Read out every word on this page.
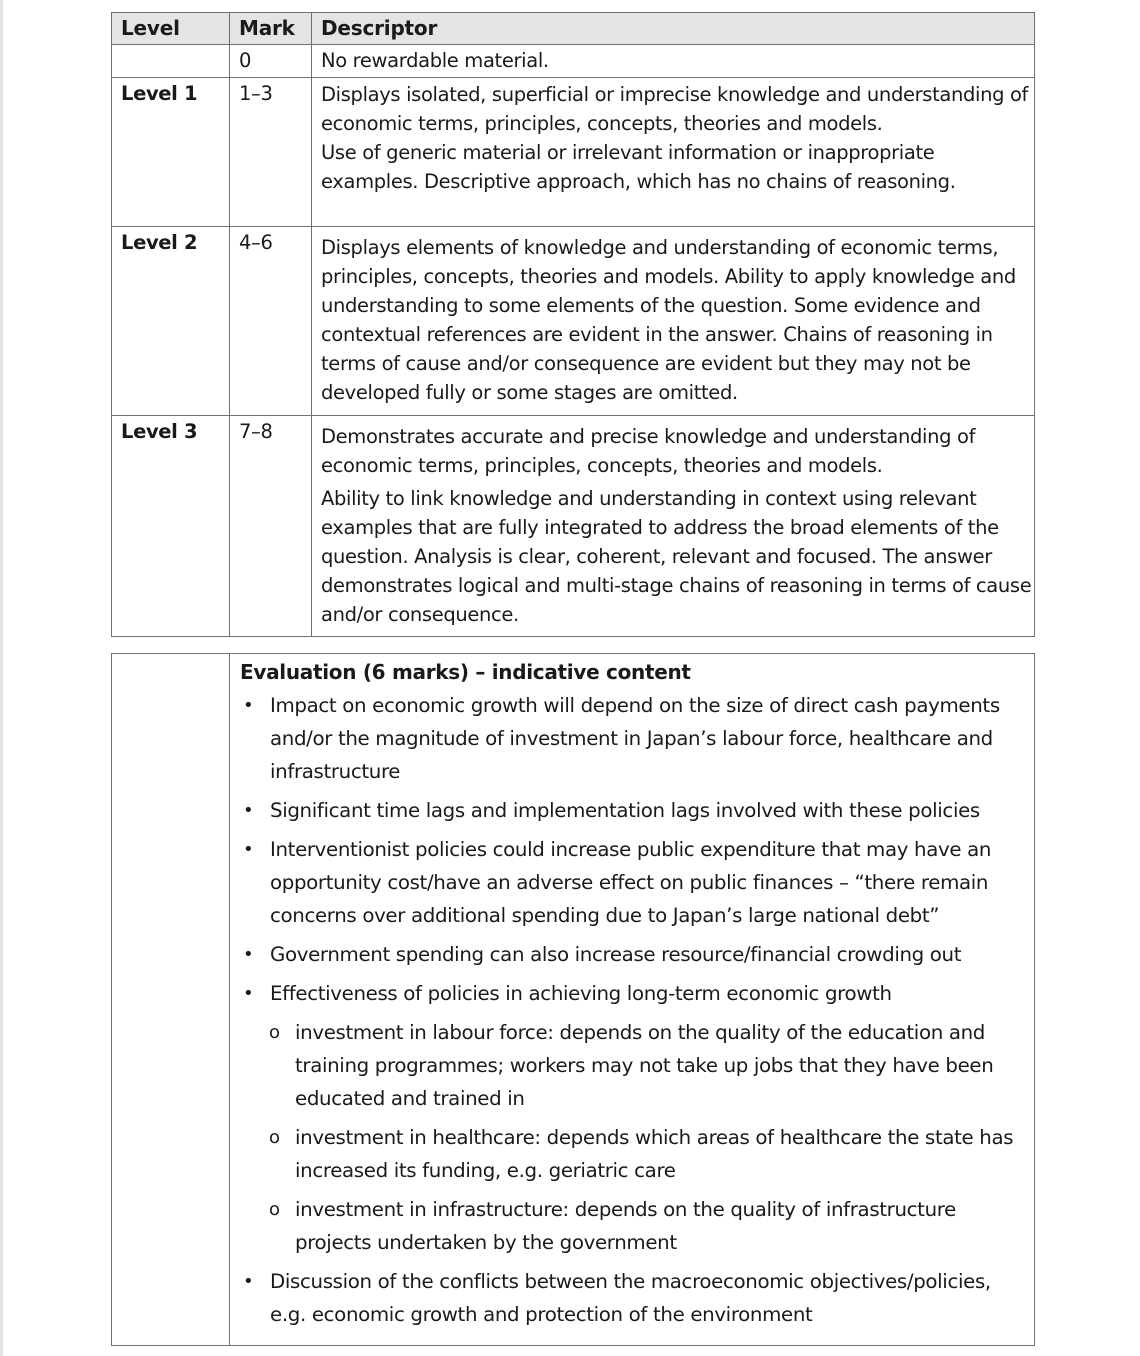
Level	Mark	Descriptor
	0	No rewardable material.

Level 1	1–3	Displays isolated, superficial or imprecise knowledge and understanding of economic terms, principles, concepts, theories and models.

Use of generic material or irrelevant information or inappropriate examples. Descriptive approach, which has no chains of reasoning.

Level 2	4–6	Displays elements of knowledge and understanding of economic terms, principles, concepts, theories and models. Ability to apply knowledge and understanding to some elements of the question. Some evidence and contextual references are evident in the answer. Chains of reasoning in terms of cause and/or consequence are evident but they may not be developed fully or some stages are omitted.

Level 3	7–8	Demonstrates accurate and precise knowledge and understanding of economic terms, principles, concepts, theories and models.

Ability to link knowledge and understanding in context using relevant examples that are fully integrated to address the broad elements of the question. Analysis is clear, coherent, relevant and focused. The answer demonstrates logical and multi-stage chains of reasoning in terms of cause and/or consequence.

Evaluation (6 marks) – indicative content

• Impact on economic growth will depend on the size of direct cash payments and/or the magnitude of investment in Japan’s labour force, healthcare and infrastructure
• Significant time lags and implementation lags involved with these policies
• Interventionist policies could increase public expenditure that may have an opportunity cost/have an adverse effect on public finances – “there remain concerns over additional spending due to Japan’s large national debt”
• Government spending can also increase resource/financial crowding out
• Effectiveness of policies in achieving long-term economic growth
o investment in labour force: depends on the quality of the education and training programmes; workers may not take up jobs that they have been educated and trained in
o investment in healthcare: depends which areas of healthcare the state has increased its funding, e.g. geriatric care
o investment in infrastructure: depends on the quality of infrastructure projects undertaken by the government
• Discussion of the conflicts between the macroeconomic objectives/policies, e.g. economic growth and protection of the environment
